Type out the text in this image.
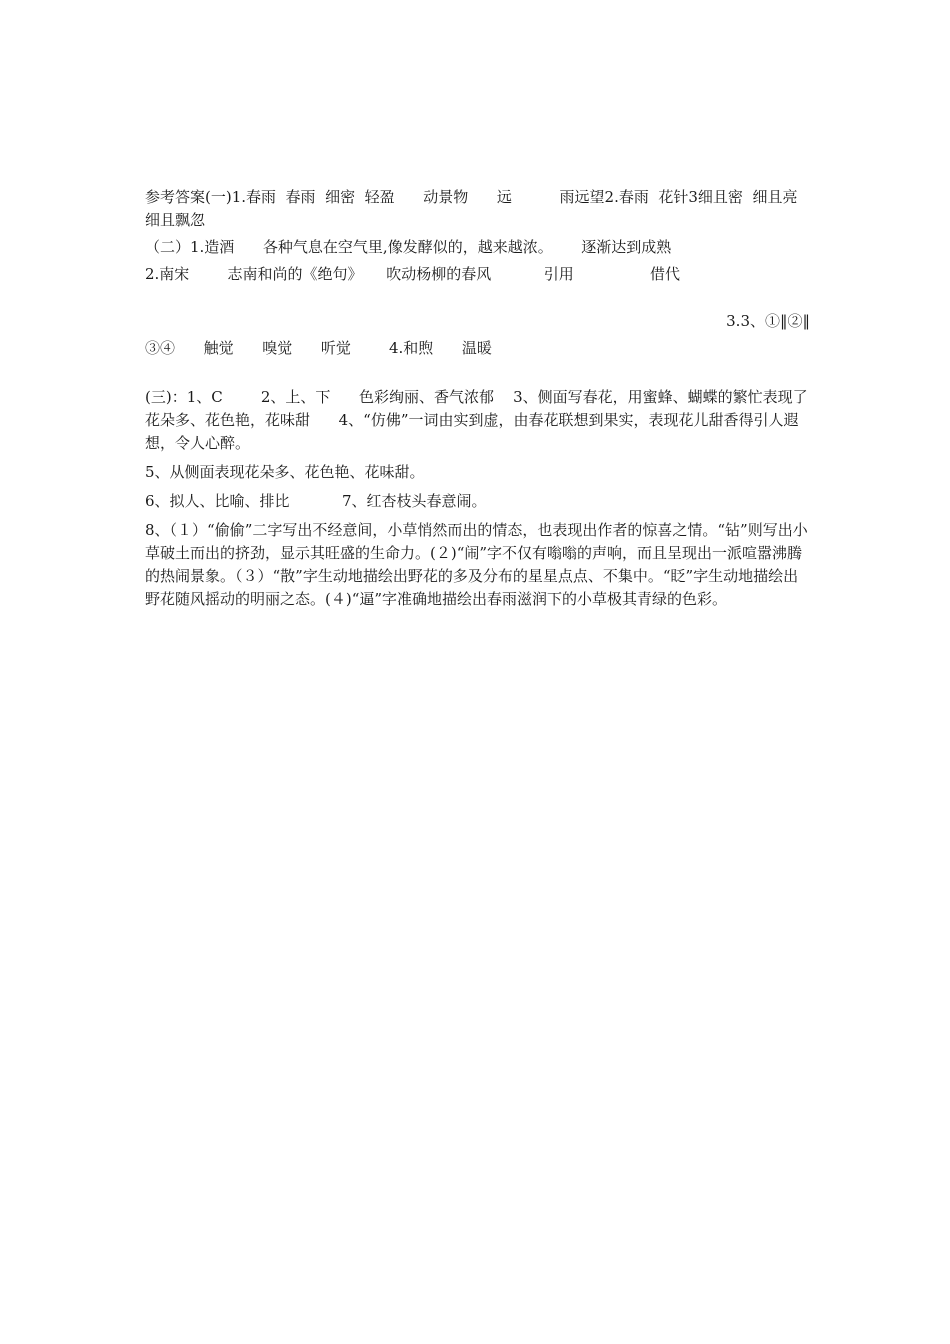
参考答案(一)1.春雨  春雨  细密  轻盈      动景物      远          雨远望2.春雨  花针3细且密  细且亮  细且飘忽

（二）1.造酒      各种气息在空气里,像发酵似的，越来越浓。      逐渐达到成熟

2.南宋        志南和尚的《绝句》     吹动杨柳的春风           引用                借代

3.3、①‖②‖

③④      触觉      嗅觉      听觉        4.和煦      温暖

(三)：1、C        2、上、下      色彩绚丽、香气浓郁    3、侧面写春花，用蜜蜂、蝴蝶的繁忙表现了花朵多、花色艳，花味甜      4、“仿佛”一词由实到虚，由春花联想到果实，表现花儿甜香得引人遐想，令人心醉。

5、从侧面表现花朵多、花色艳、花味甜。

6、拟人、比喻、排比           7、红杏枝头春意闹。

8、（１）“偷偷”二字写出不经意间，小草悄然而出的情态，也表现出作者的惊喜之情。“钻”则写出小草破土而出的挤劲，显示其旺盛的生命力。(２)“闹”字不仅有嗡嗡的声响，而且呈现出一派喧嚣沸腾的热闹景象。（３）“散”字生动地描绘出野花的多及分布的星星点点、不集中。“眨”字生动地描绘出野花随风摇动的明丽之态。(４)“逼”字准确地描绘出春雨滋润下的小草极其青绿的色彩。
